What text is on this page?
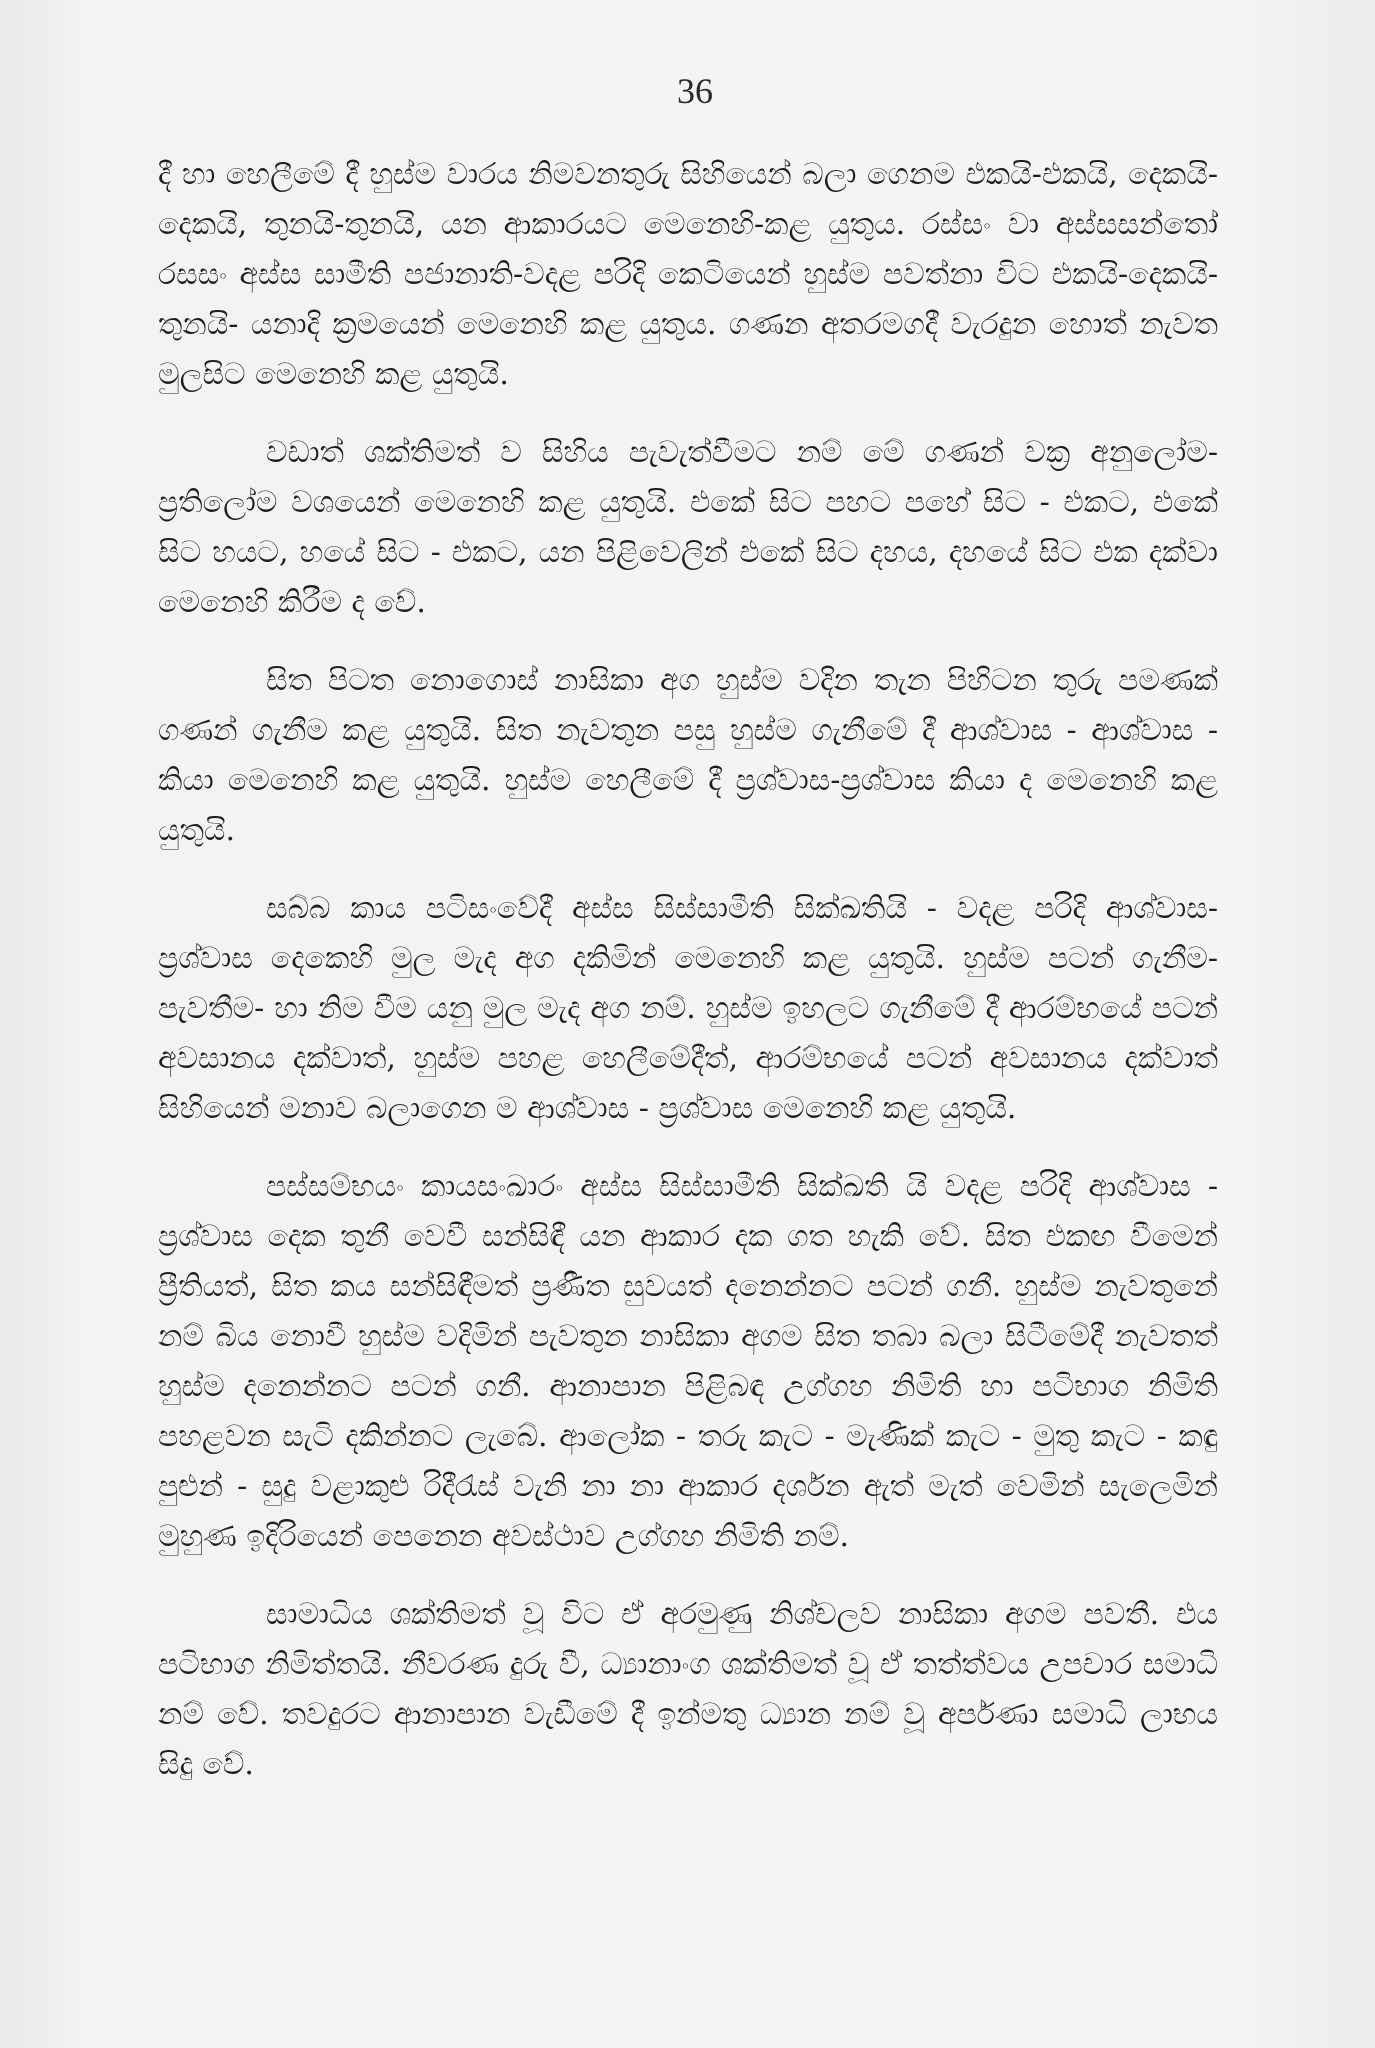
36

දී හා හෙලීමේ දී හුස්ම වාරය නිමවනතුරු සිහියෙන් බලා ගෙනම එකයි-එකයි, දෙකයි-දෙකයි, තුනයි-තුනයි, යන ආකාරයට මෙනෙහි-කළ යුතුය. රස්සං වා අස්සසන්තෝ රසසං අස්ස සාමීති පජානාති-වදළ පරිදි කෙටියෙන් හුස්ම පවත්නා විට එකයි-දෙකයි-තුනයි- යනාදි ක්‍රමයෙන් මෙනෙහි කළ යුතුය. ගණන අතරමගදී වැරදුන හොත් නැවත මුලසිට මෙනෙහි කළ යුතුයි.

වඩාත් ශක්තිමත් ව සිහිය පැවැත්වීමට නම් මේ ගණන් වක්‍ර අනුලෝම-ප්‍රතිලෝම වශයෙන් මෙනෙහි කළ යුතුයි. එකේ සිට පහට පහේ සිට - එකට, එකේ සිට හයට, හයේ සිට - එකට, යන පිළිවෙලින් එකේ සිට දහය, දහයේ සිට එක දක්වා මෙනෙහි කිරීම ද වේ.

සිත පිටත නොගොස් නාසිකා අග හුස්ම වදින තැන පිහිටන තුරු පමණක් ගණන් ගැනීම කළ යුතුයි. සිත නැවතුන පසු හුස්ම ගැනීමේ දී ආශ්වාස - ආශ්වාස - කියා මෙනෙහි කළ යුතුයි. හුස්ම හෙලීමේ දී ප්‍රශ්වාස-ප්‍රශ්වාස කියා ද මෙනෙහි කළ යුතුයි.

සබ්බ කාය පටිසංවේදී අස්ස සිස්සාමීති සික්ඛතියි - වදළ පරිදි ආශ්වාස- ප්‍රශ්වාස දෙකෙහි මුල මැද අග දකිමින් මෙනෙහි කළ යුතුයි. හුස්ම පටන් ගැනීම- පැවතීම- හා නිම වීම යනු මුල මැද අග නම්. හුස්ම ඉහලට ගැනීමේ දී ආරම්භයේ පටන් අවසානය දක්වාත්, හුස්ම පහළ හෙලීමේදීත්, ආරම්භයේ පටන් අවසානය දක්වාත් සිහියෙන් මනාව බලාගෙන ම ආශ්වාස - ප්‍රශ්වාස මෙනෙහි කළ යුතුයි.

පස්සම්භයං කායසංඛාරං අස්ස සිස්සාමීති සික්ඛති යි වදළ පරිදි ආශ්වාස - ප්‍රශ්වාස දෙක තුනී වෙවී සන්සිඳී යන ආකාර දක ගත හැකි වේ. සිත එකඟ වීමෙන් ප්‍රීතියත්, සිත කය සන්සිඳීමත් ප්‍රණීත සුවයත් දනෙන්නට පටන් ගනී. හුස්ම නැවතුනේ නම් බිය නොවී හුස්ම වදිමින් පැවතුන නාසිකා අගම සිත තබා බලා සිටීමේදී නැවතත් හුස්ම දනෙන්නට පටන් ගනී. ආනාපාන පිළිබඳ උග්ගහ නිමිති හා පටිභාග නිමිති පහළවන සැටි දකින්නට ලැබේ. ආලෝක - තරු කැට - මැණික් කැට - මුතු කැට - කඳු පුළුන් - සුදු වළාකුළු රිදීරැස් වැනි නා නා ආකාර දර්ශන ඇත් මැත් වෙමින් සැලෙමින් මුහුණ ඉදිරියෙන් පෙනෙන අවස්ථාව උග්ගහ නිමිති නම්.

සාමාධිය ශක්තිමත් වූ විට ඒ අරමුණු නිශ්චලව නාසිකා අගම පවතී. එය පටිභාග නිමිත්තයි. නීවරණ දුරු වී, ධ්‍යානාංග ශක්තිමත් වූ ඒ තත්ත්වය උපචාර සමාධි නම් වේ. තවදුරට ආනාපාන වැඩීමේ දී ඉන්මතු ධ්‍යාන නම් වූ අර්පණා සමාධි ලාභය සිදු වේ.
